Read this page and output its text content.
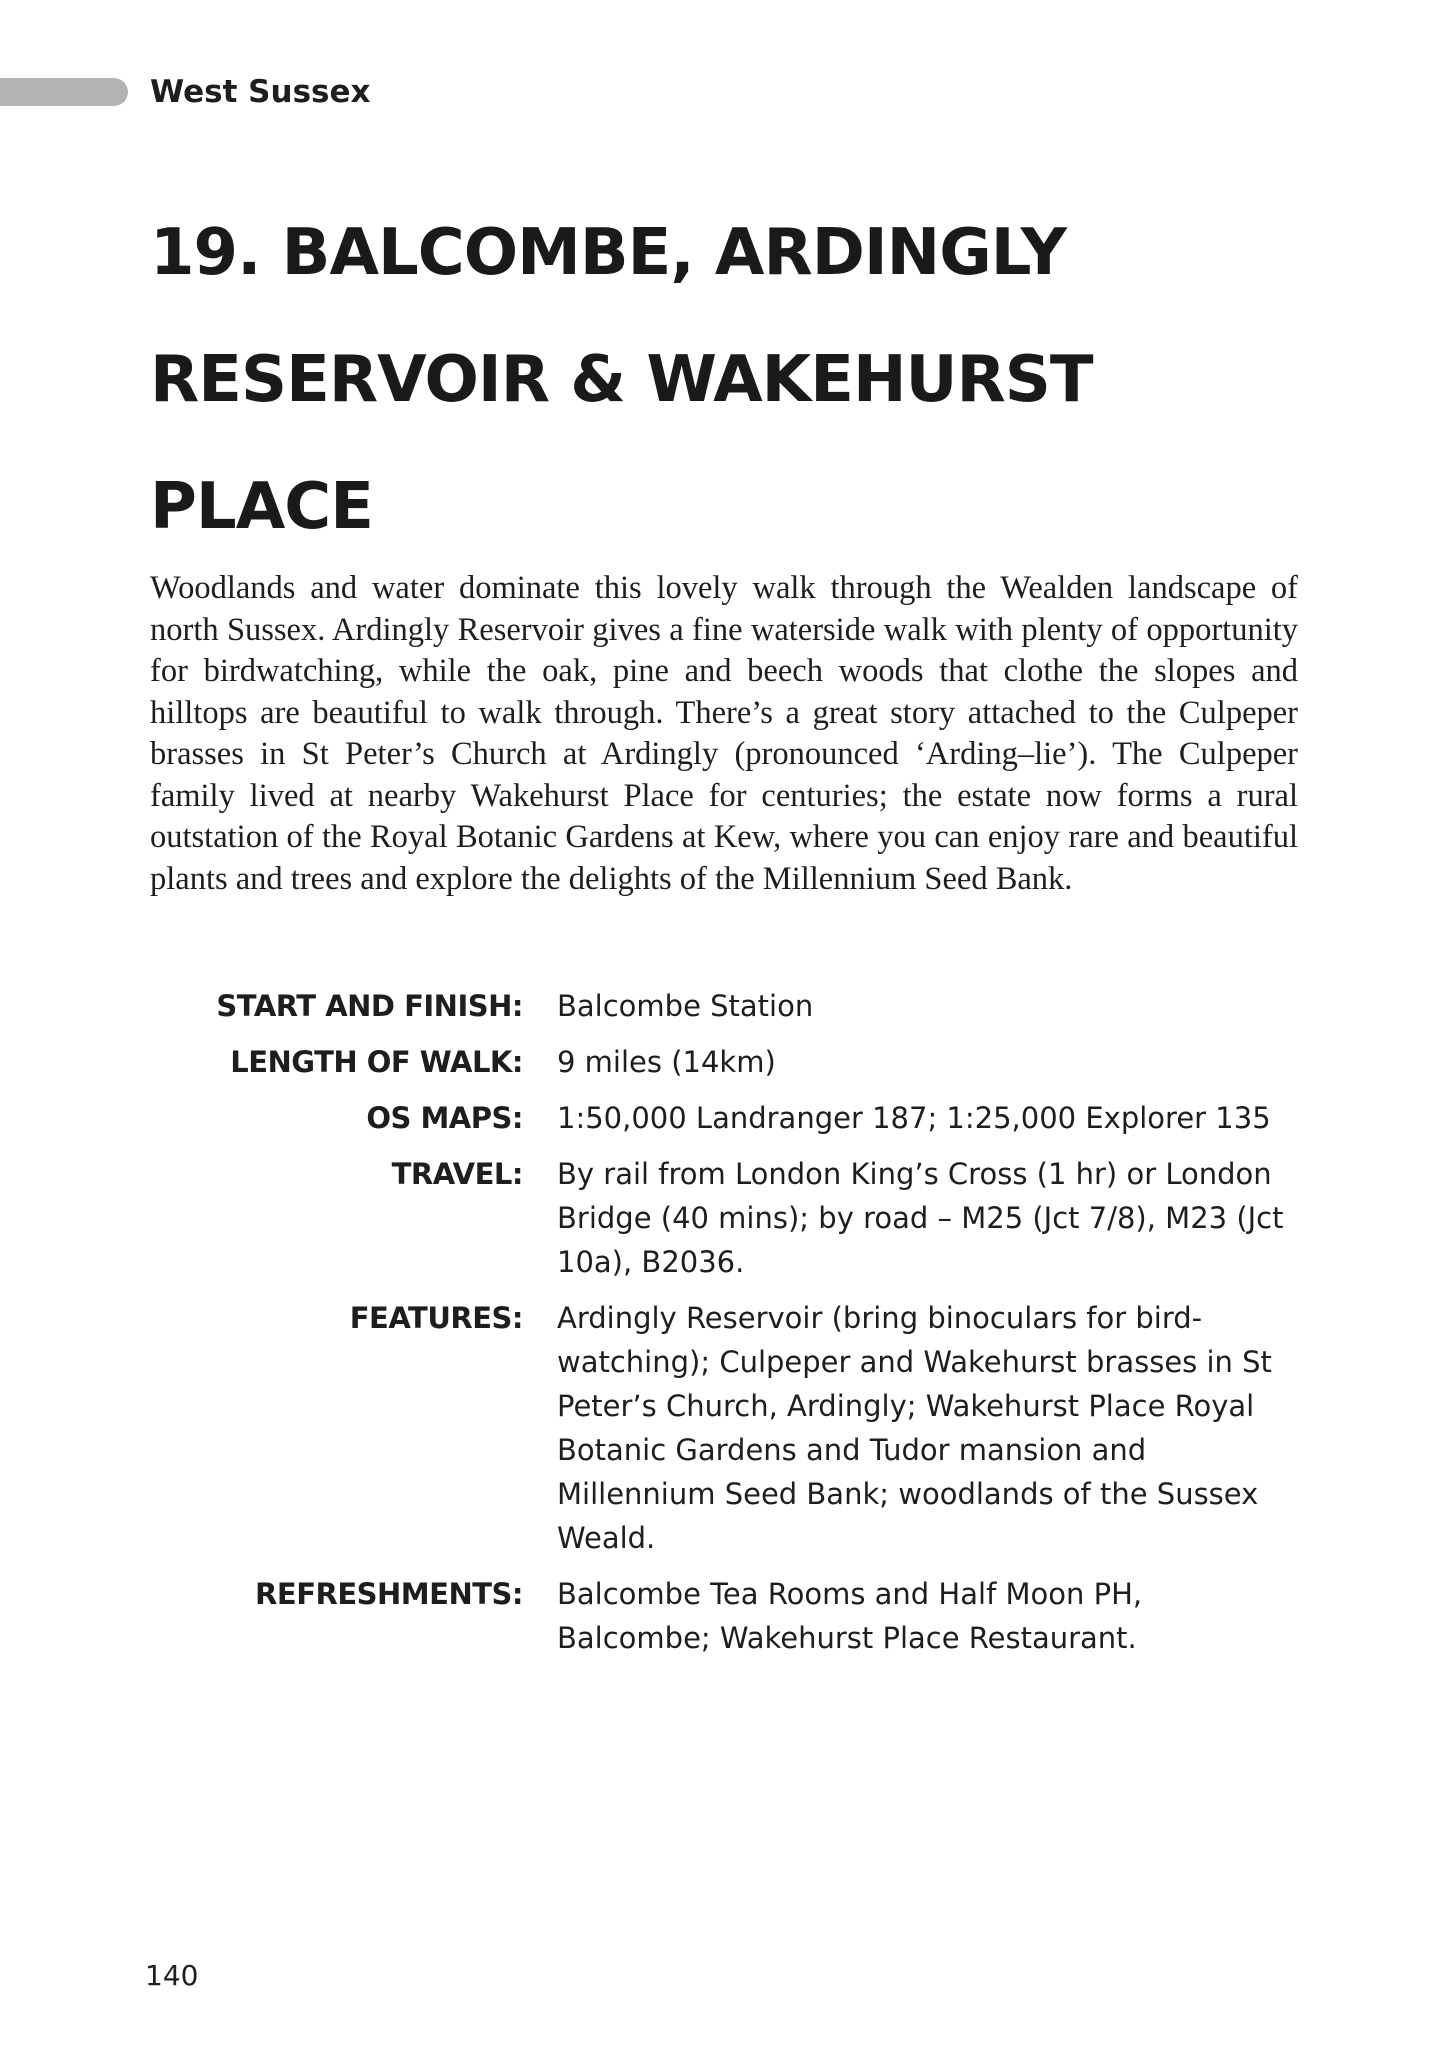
West Sussex
19. BALCOMBE, ARDINGLY RESERVOIR & WAKEHURST PLACE

Woodlands and water dominate this lovely walk through the Wealden landscape of north Sussex. Ardingly Reservoir gives a fine waterside walk with plenty of opportunity for birdwatching, while the oak, pine and beech woods that clothe the slopes and hilltops are beautiful to walk through. There’s a great story attached to the Culpeper brasses in St Peter’s Church at Ardingly (pronounced ‘Arding–lie’). The Culpeper family lived at nearby Wakehurst Place for centuries; the estate now forms a rural outstation of the Royal Botanic Gardens at Kew, where you can enjoy rare and beautiful plants and trees and explore the delights of the Millennium Seed Bank.

START AND FINISH: Balcombe Station
LENGTH OF WALK: 9 miles (14km)
OS MAPS: 1:50,000 Landranger 187; 1:25,000 Explorer 135
TRAVEL: By rail from London King’s Cross (1 hr) or London Bridge (40 mins); by road – M25 (Jct 7/8), M23 (Jct 10a), B2036.
FEATURES: Ardingly Reservoir (bring binoculars for bird-watching); Culpeper and Wakehurst brasses in St Peter’s Church, Ardingly; Wakehurst Place Royal Botanic Gardens and Tudor mansion and Millennium Seed Bank; woodlands of the Sussex Weald.
REFRESHMENTS: Balcombe Tea Rooms and Half Moon PH, Balcombe; Wakehurst Place Restaurant.
140
